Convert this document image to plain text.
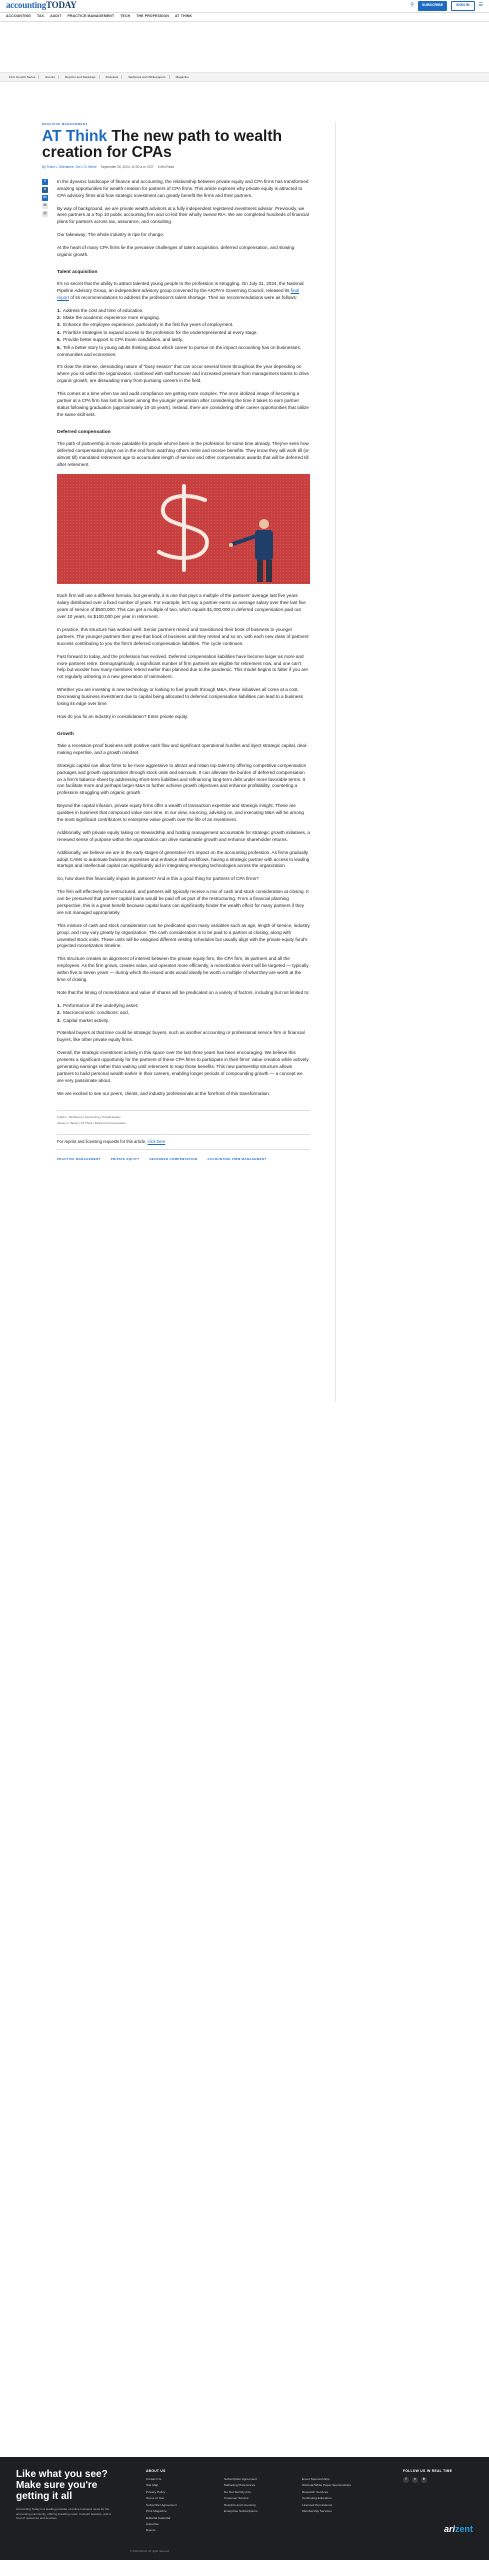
accountingTODAY	⚲	SUBSCRIBE	SIGN IN	☰
ACCOUNTING TAX AUDIT PRACTICE MANAGEMENT TECH THE PROFESSION AT THINK
First Growth Series	Events	Reports and Rankings	Podcasts	Webinars and Whitepapers	Magazine
PRACTICE MANAGEMENT
AT Think The new path to wealth creation for CPAs
By Frank L. McNamee, Jim C.S. Bertie September 26, 2024, 10:00 a.m. EDT 6 Min Read
f
x
in
✉
⎙

In the dynamic landscape of finance and accounting, the relationship between private equity and CPA firms has transformed amazing opportunities for wealth creation for partners of CPA firms. This article explores why private equity is attracted to CPA advisory firms and how strategic investment can greatly benefit the firms and their partners.

By way of background, we are private wealth advisors at a fully independent registered investment advisor. Previously, we were partners at a Top 10 public accounting firm and co-led their wholly owned RIA. We are completed hundreds of financial plans for partners across tax, assurance, and consulting.

Our takeaway: The whole industry is ripe for change.

At the heart of many CPA firms lie the pervasive challenges of talent acquisition, deferred compensation, and slowing organic growth.

Talent acquisition

It's no secret that the ability to attract talented young people to the profession is struggling. On July 31, 2024, the National Pipeline Advisory Group, an independent advisory group convened by the AICPA's Governing Council, released its final report of its recommendations to address the profession's talent shortage. Their six recommendations were as follows:

1. Address the cost and time of education.
2. Make the academic experience more engaging.
3. Enhance the employee experience, particularly in the first five years of employment.
4. Prioritize strategies to expand access to the profession for the underrepresented at every stage.
5. Provide better support to CPA Exam candidates, and lastly,
6. Tell a better story to young adults thinking about which career to pursue on the impact accounting has on businesses, communities and economies.

It's clear the intense, demanding nature of "busy season" that can occur several times throughout the year depending on where you sit within the organization, combined with staff turnover and increased pressure from management teams to drive organic growth, are dissuading many from pursuing careers in the field.

This comes at a time when tax and audit compliance are getting more complex. The once idolized image of becoming a partner at a CPA firm has lost its luster among the younger generation after considering the time it takes to earn partner status following graduation (approximately 10-15 years). Instead, there are considering other career opportunities that utilize the same skill sets.

Deferred compensation

The path of partnership is more palatable for people who've been in the profession for some time already. They've seen how deferred compensation plays out in the end from watching others retire and receive benefits. They know they will work till (or almost till) mandated retirement age to accumulate length of service and other compensation awards that will be deferred till after retirement.

Each firm will use a different formula, but generally, it is one that pays a multiple of the partners' average last five years salary distributed over a fixed number of years. For example, let's say a partner earns an average salary over their last five years of service of $500,000. This can get a multiple of two, which equals $1,000,000 in deferred compensation paid out over 10 years, so $100,000 per year in retirement.

In practice, this structure has worked well. Senior partners retired and transitioned their book of business to younger partners. The younger partners then grew that book of business until they retired and so on, with each new class of partners' success contributing to you the firm's deferred compensation liabilities. The cycle continues.

Fast forward to today, and the profession has evolved. Deferred compensation liabilities have become larger as more and more partners retire. Demographically, a significant number of firm partners are eligible for retirement now, and one can't help but wonder how many members retired earlier than planned due to the pandemic. This model begins to falter if you are not regularly ushering in a new generation of rainmakers.

Whether you are investing in new technology or looking to fuel growth through M&A, these initiatives all come at a cost. Decreasing business investment due to capital being allocated to deferred compensation liabilities can lead to a business losing its edge over time.

How do you fix an industry in consolidation? Enter private equity.

Growth

Take a recession-proof business with positive cash flow and significant operational hurdles and inject strategic capital, deal-making expertise, and a growth mindset.

Strategic capital can allow firms to be more aggressive to attract and retain top talent by offering competitive compensation packages and growth opportunities through stock units and earnouts. It can alleviate the burden of deferred compensation on a firm's balance sheet by addressing short-term liabilities and refinancing long-term debt under more favorable terms. It can facilitate more and perhaps larger M&A to further achieve growth objectives and enhance profitability, countering a profession struggling with organic growth.

Beyond the capital infusion, private equity firms offer a wealth of transaction expertise and strategic insight. These are qualities in business that compound value over time. In our view, sourcing, advising on, and executing M&A will be among the most significant contributors to enterprise value growth over the life of an investment.

Additionally, with private equity taking on stewardship and holding management accountable for strategic growth initiatives, a renewed sense of purpose within the organization can drive sustainable growth and enhance shareholder returns.

Additionally, we believe we are in the early stages of generative AI's impact on the accounting profession. As firms gradually adopt CAMs to automate business processes and enhance staff workflows, having a strategic partner with access to leading startups and intellectual capital can significantly aid in integrating emerging technologies across the organization.

So, how does this financially impact its partners? And is this a good thing for partners of CPA firms?

The firm will effectively be restructured, and partners will typically receive a mix of cash and stock consideration at closing. It can be presumed that partner capital loans would be paid off as part of the restructuring. From a financial planning perspective, this is a great benefit because capital loans can significantly hinder the wealth effect for many partners if they are not managed appropriately.

This mixture of cash and stock consideration can be predicated upon many variables such as age, length of service, industry group, and may vary greatly by organization. The cash consideration is to be paid to a partner at closing, along with unvested stock units. These units will be assigned different vesting schedules but usually align with the private equity fund's projected monetization timeline.

This structure creates an alignment of interest between the private equity firm, the CPA firm, its partners and all the employees. As the firm grows, creates value, and operates more efficiently, a monetization event will be targeted — typically within five to seven years — during which the issued units would ideally be worth a multiple of what they are worth at the time of closing.

Note that the timing of monetization and value of shares will be predicated on a variety of factors, including but not limited to:

1. Performance of the underlying asset;
2. Macroeconomic conditions; and,
3. Capital market activity.

Potential buyers at that time could be strategic buyers, such as another accounting or professional service firm or financial buyers, like other private equity firms.

Overall, the strategic investment activity in this space over the last three years has been encouraging. We believe this presents a significant opportunity for the partners of these CPA firms to participate in their firms' value creation while actively generating earnings rather than waiting until retirement to reap those benefits. This new partnership structure allows partners to build personal wealth earlier in their careers, enabling longer periods of compounding growth — a concept we are very passionate about.

We are excited to see our peers, clients, and industry professionals at the forefront of this transformation.

Frank L. McNamee | Accounting | Private Equity
James C. Bertie | AT Think | Deferred compensation
For reprint and licensing requests for this article, click here
PRACTICE MANAGEMENT	PRIVATE EQUITY	DEFERRED COMPENSATION	ACCOUNTING FIRM MANAGEMENT
Like what you see? Make sure you're getting it all
Accounting Today is a leading provider of online business news for the accounting community, offering breaking news, in-depth features, and a host of resources and services.
ABOUT US
Contact Us
Site Map
Privacy Policy
Terms of Use
Subscriber Agreement
Print Magazine
Editorial Calendar
Advertise
Events

Subscription Agreement
Marketing Preferences
Do Not Sell My Info
Customer Service
Reprints and Licensing
Enterprise Subscriptions

Event Sponsorships
Webinar/White Paper Sponsorships
Research Services
Continuing Education
Licensed Permissions
Membership Services
FOLLOW US IN REAL TIME
f	x	in
arizent
© 2024 Arizent. All rights reserved.
